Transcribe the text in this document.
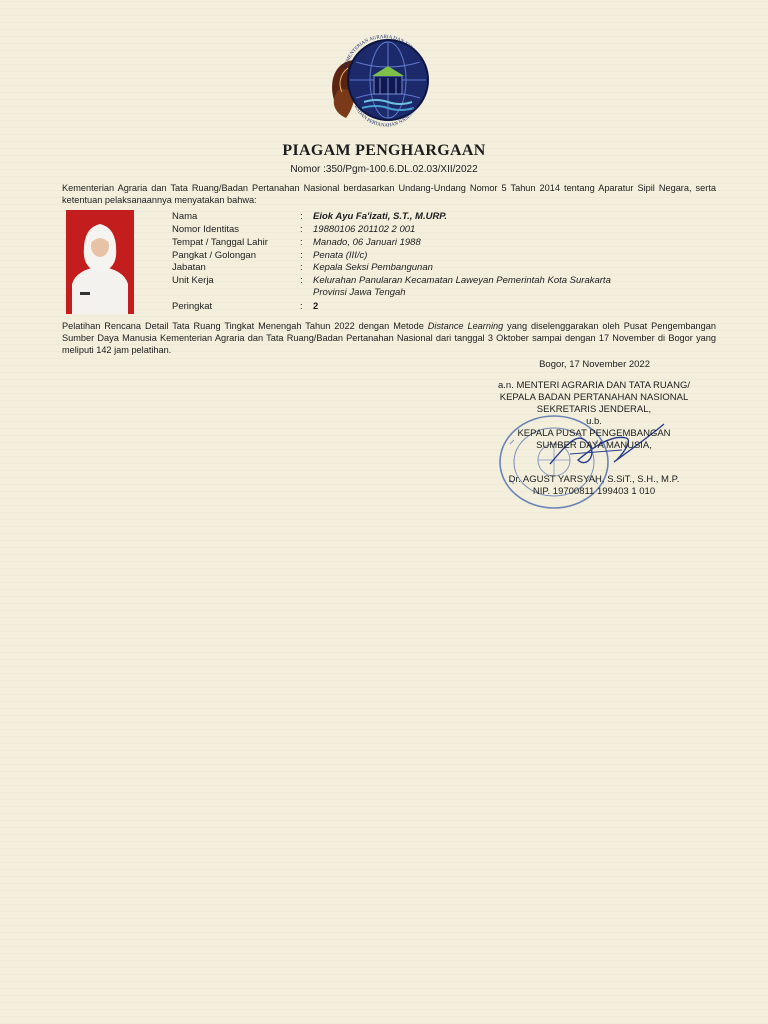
KEMENTERIAN AGRARIA DAN TATA RUANG
BADAN PERTANAHAN NASIONAL
PIAGAM PENGHARGAAN
Nomor :350/Pgm-100.6.DL.02.03/XII/2022
Kementerian Agraria dan Tata Ruang/Badan Pertanahan Nasional berdasarkan Undang-Undang Nomor 5 Tahun 2014 tentang Aparatur Sipil Negara, serta ketentuan pelaksanaannya menyatakan bahwa:
Nama	: Eiok Ayu Fa'izati, S.T., M.URP.
Nomor Identitas	: 19880106 201102 2 001
Tempat / Tanggal Lahir	: Manado, 06 Januari 1988
Pangkat / Golongan	: Penata (III/c)
Jabatan	: Kepala Seksi Pembangunan
Unit Kerja	: Kelurahan Panularan Kecamatan Laweyan Pemerintah Kota Surakarta
Provinsi Jawa Tengah
Peringkat	: 2
Pelatihan Rencana Detail Tata Ruang Tingkat Menengah Tahun 2022 dengan Metode Distance Learning yang diselenggarakan oleh Pusat Pengembangan Sumber Daya Manusia Kementerian Agraria dan Tata Ruang/Badan Pertanahan Nasional dari tanggal 3 Oktober sampai dengan 17 November di Bogor yang meliputi 142 jam pelatihan.
Bogor, 17 November 2022
a.n. MENTERI AGRARIA DAN TATA RUANG/
KEPALA BADAN PERTANAHAN NASIONAL
SEKRETARIS JENDERAL,
u.b.
KEPALA PUSAT PENGEMBANGAN
SUMBER DAYA MANUSIA,
Dr. AGUST YARSYAH, S.SiT., S.H., M.P.
NIP. 19700811 199403 1 010
